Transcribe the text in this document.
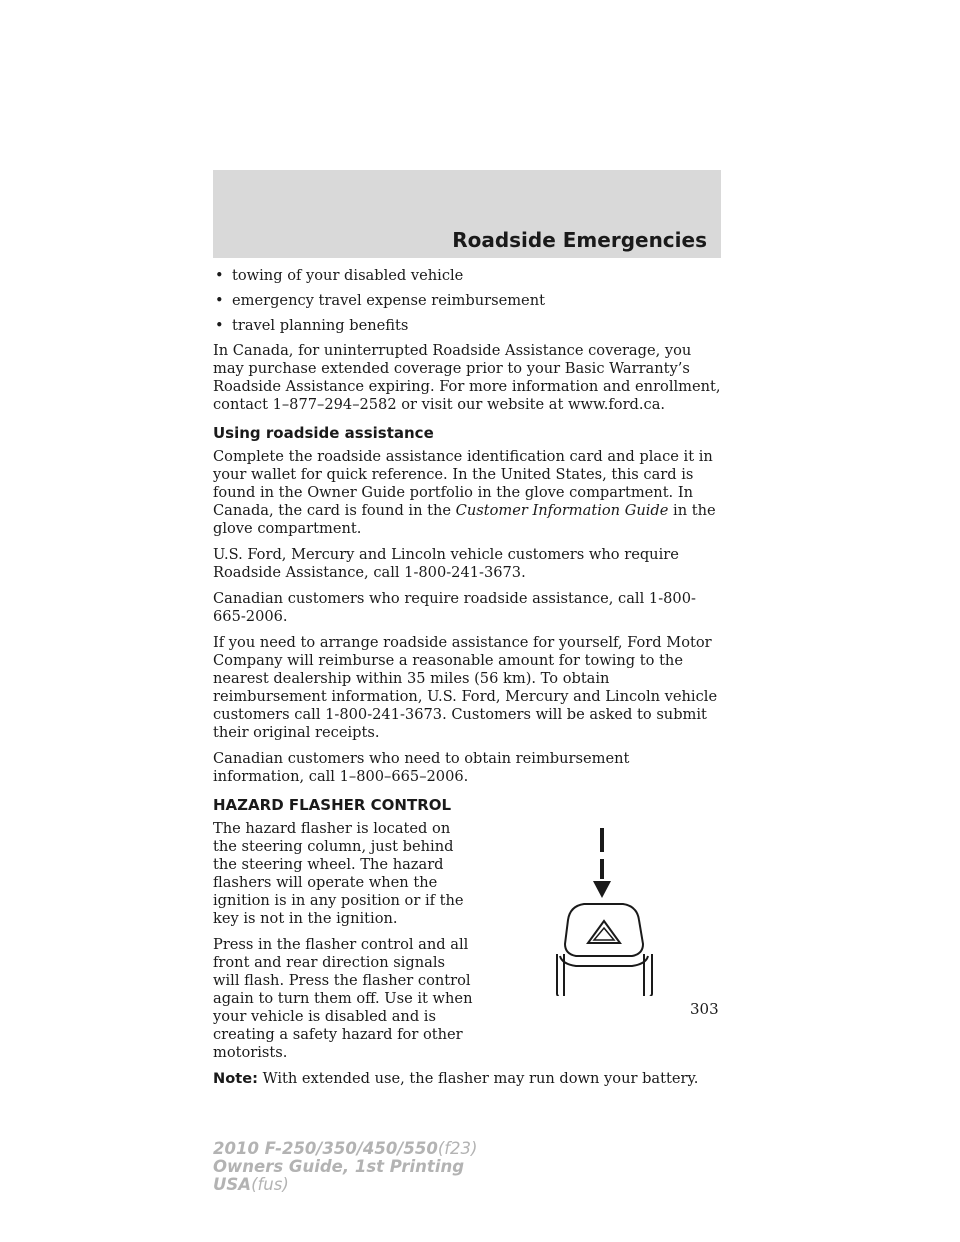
Roadside Emergencies
• towing of your disabled vehicle
• emergency travel expense reimbursement
• travel planning benefits

In Canada, for uninterrupted Roadside Assistance coverage, you may purchase extended coverage prior to your Basic Warranty’s Roadside Assistance expiring. For more information and enrollment, contact 1–877–294–2582 or visit our website at www.ford.ca.

Using roadside assistance

Complete the roadside assistance identification card and place it in your wallet for quick reference. In the United States, this card is found in the Owner Guide portfolio in the glove compartment. In Canada, the card is found in the Customer Information Guide in the glove compartment.

U.S. Ford, Mercury and Lincoln vehicle customers who require Roadside Assistance, call 1-800-241-3673.

Canadian customers who require roadside assistance, call 1-800-665-2006.

If you need to arrange roadside assistance for yourself, Ford Motor Company will reimburse a reasonable amount for towing to the nearest dealership within 35 miles (56 km). To obtain reimbursement information, U.S. Ford, Mercury and Lincoln vehicle customers call 1-800-241-3673. Customers will be asked to submit their original receipts.

Canadian customers who need to obtain reimbursement information, call 1–800–665–2006.

HAZARD FLASHER CONTROL

The hazard flasher is located on the steering column, just behind the steering wheel. The hazard flashers will operate when the ignition is in any position or if the key is not in the ignition.

Press in the flasher control and all front and rear direction signals will flash. Press the flasher control again to turn them off. Use it when your vehicle is disabled and is creating a safety hazard for other motorists.

Note: With extended use, the flasher may run down your battery.

303
2010 F-250/350/450/550(f23)
Owners Guide, 1st Printing
USA(fus)
